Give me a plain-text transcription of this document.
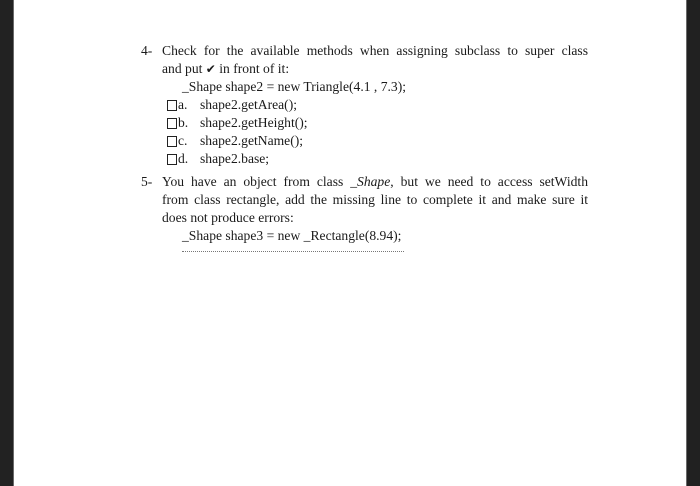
4- Check for the available methods when assigning subclass to super class
and put ✔ in front of it:
_Shape shape2 = new Triangle(4.1 , 7.3);
a. shape2.getArea();
b. shape2.getHeight();
c. shape2.getName();
d. shape2.base;
5- You have an object from class _Shape, but we need to access setWidth
from class rectangle, add the missing line to complete it and make sure it
does not produce errors:
_Shape shape3 = new _Rectangle(8.94);
